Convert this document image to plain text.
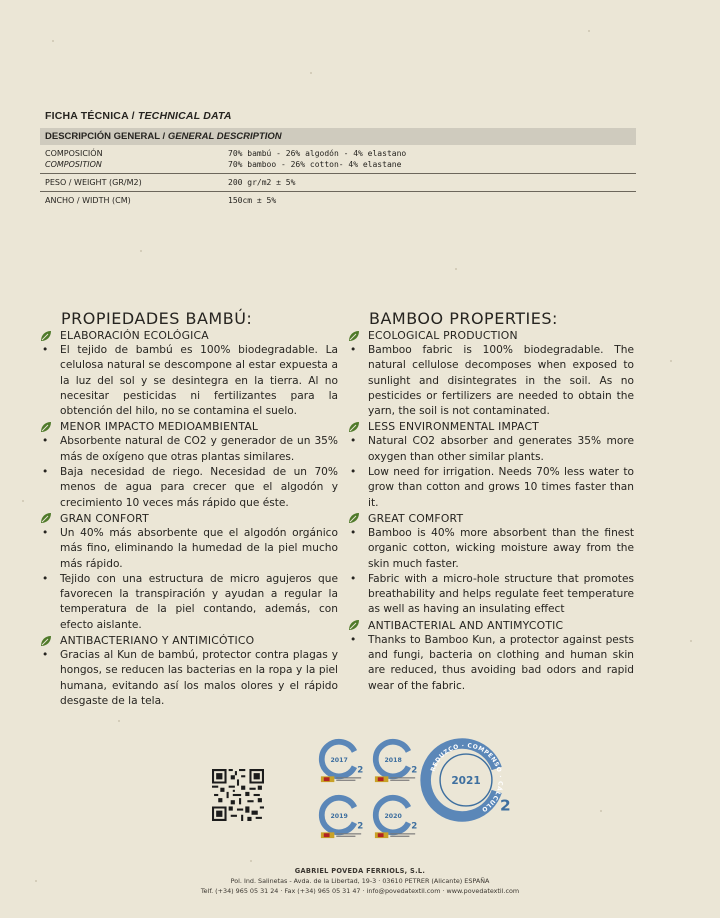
FICHA TÉCNICA / TECHNICAL DATA
DESCRIPCIÓN GENERAL / GENERAL DESCRIPTION
COMPOSICIÓN
COMPOSITION
70% bambú - 26% algodón - 4% elastano
70% bamboo - 26% cotton- 4% elastane
PESO / WEIGHT (GR/M2)	200 gr/m2 ± 5%
ANCHO / WIDTH (CM)	150cm ± 5%
PROPIEDADES BAMBÚ:
ELABORACIÓN ECOLÓGICA
• El tejido de bambú es 100% biodegradable. La celulosa natural se descompone al estar expuesta a la luz del sol y se desintegra en la tierra. Al no necesitar pesticidas ni fertilizantes para la obtención del hilo, no se contamina el suelo.
MENOR IMPACTO MEDIOAMBIENTAL
• Absorbente natural de CO2 y generador de un 35% más de oxígeno que otras plantas similares.
• Baja necesidad de riego. Necesidad de un 70% menos de agua para crecer que el algodón y crecimiento 10 veces más rápido que éste.
GRAN CONFORT
• Un 40% más absorbente que el algodón orgánico más fino, eliminando la humedad de la piel mucho más rápido.
• Tejido con una estructura de micro agujeros que favorecen la transpiración y ayudan a regular la temperatura de la piel contando, además, con efecto aislante.
ANTIBACTERIANO Y ANTIMICÓTICO
• Gracias al Kun de bambú, protector contra plagas y hongos, se reducen las bacterias en la ropa y la piel humana, evitando así los malos olores y el rápido desgaste de la tela.
BAMBOO PROPERTIES:
ECOLOGICAL PRODUCTION
• Bamboo fabric is 100% biodegradable. The natural cellulose decomposes when exposed to sunlight and disintegrates in the soil. As no pesticides or fertilizers are needed to obtain the yarn, the soil is not contaminated.
LESS ENVIRONMENTAL IMPACT
• Natural CO2 absorber and generates 35% more oxygen than other similar plants.
• Low need for irrigation. Needs 70% less water to grow than cotton and grows 10 times faster than it.
GREAT COMFORT
• Bamboo is 40% more absorbent than the finest organic cotton, wicking moisture away from the skin much faster.
• Fabric with a micro-hole structure that promotes breathability and helps regulate feet temperature as well as having an insulating effect
ANTIBACTERIAL AND ANTIMYCOTIC
• Thanks to Bamboo Kun, a protector against pests and fungi, bacteria on clothing and human skin are reduced, thus avoiding bad odors and rapid wear of the fabric.
2017
2
2018
2
2019
2
2020
2
REDUZCO · COMPENSO · CÁLCULO
2021
2
GABRIEL POVEDA FERRIOLS, S.L.
Pol. Ind. Salinetas - Avda. de la Libertad, 19-3 · 03610 PETRER (Alicante) ESPAÑA
Telf. (+34) 965 05 31 24 · Fax (+34) 965 05 31 47 · info@povedatextil.com · www.povedatextil.com
